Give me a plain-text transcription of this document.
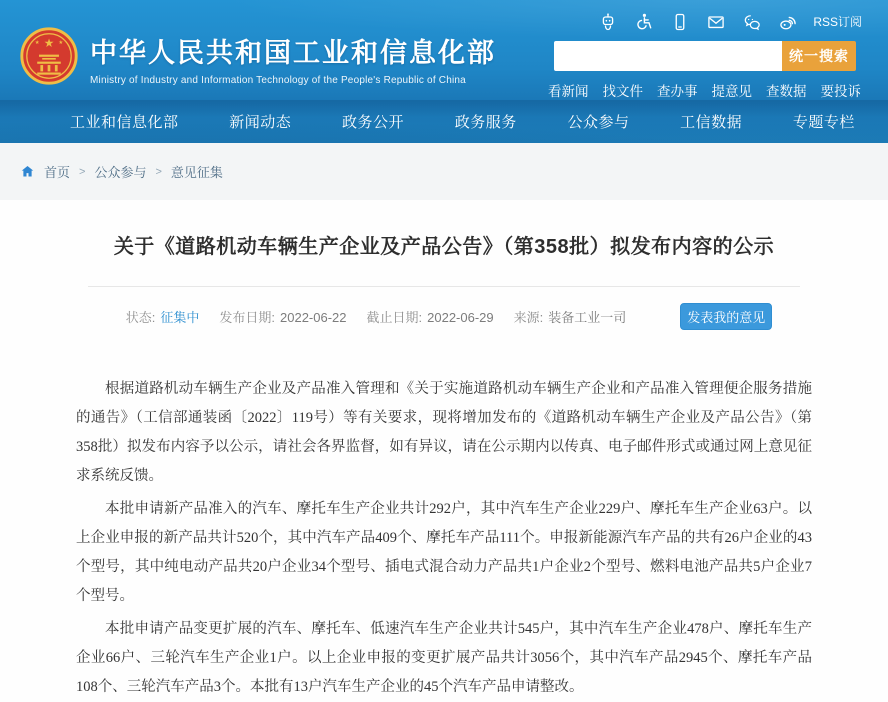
★
★	★ 中华人民共和国工业和信息化部
Ministry of Industry and Information Technology of the People's Republic of China
RSS订阅
统一搜索
看新闻 找文件 查办事 提意见 查数据 要投诉
工业和信息化部	新闻动态	政务公开	政务服务	公众参与	工信数据	专题专栏
首页 > 公众参与 > 意见征集
关于《道路机动车辆生产企业及产品公告》（第358批）拟发布内容的公示
状态: 征集中 发布日期: 2022-06-22 截止日期: 2022-06-29 来源: 装备工业一司	发表我的意见

根据道路机动车辆生产企业及产品准入管理和《关于实施道路机动车辆生产企业和产品准入管理便企服务措施的通告》（工信部通装函〔2022〕119号）等有关要求，现将增加发布的《道路机动车辆生产企业及产品公告》（第358批）拟发布内容予以公示，请社会各界监督，如有异议，请在公示期内以传真、电子邮件形式或通过网上意见征求系统反馈。

本批申请新产品准入的汽车、摩托车生产企业共计292户，其中汽车生产企业229户、摩托车生产企业63户。以上企业申报的新产品共计520个，其中汽车产品409个、摩托车产品111个。申报新能源汽车产品的共有26户企业的43个型号，其中纯电动产品共20户企业34个型号、插电式混合动力产品共1户企业2个型号、燃料电池产品共5户企业7个型号。

本批申请产品变更扩展的汽车、摩托车、低速汽车生产企业共计545户，其中汽车生产企业478户、摩托车生产企业66户、三轮汽车生产企业1户。以上企业申报的变更扩展产品共计3056个，其中汽车产品2945个、摩托车产品108个、三轮汽车产品3个。本批有13户汽车生产企业的45个汽车产品申请整改。
